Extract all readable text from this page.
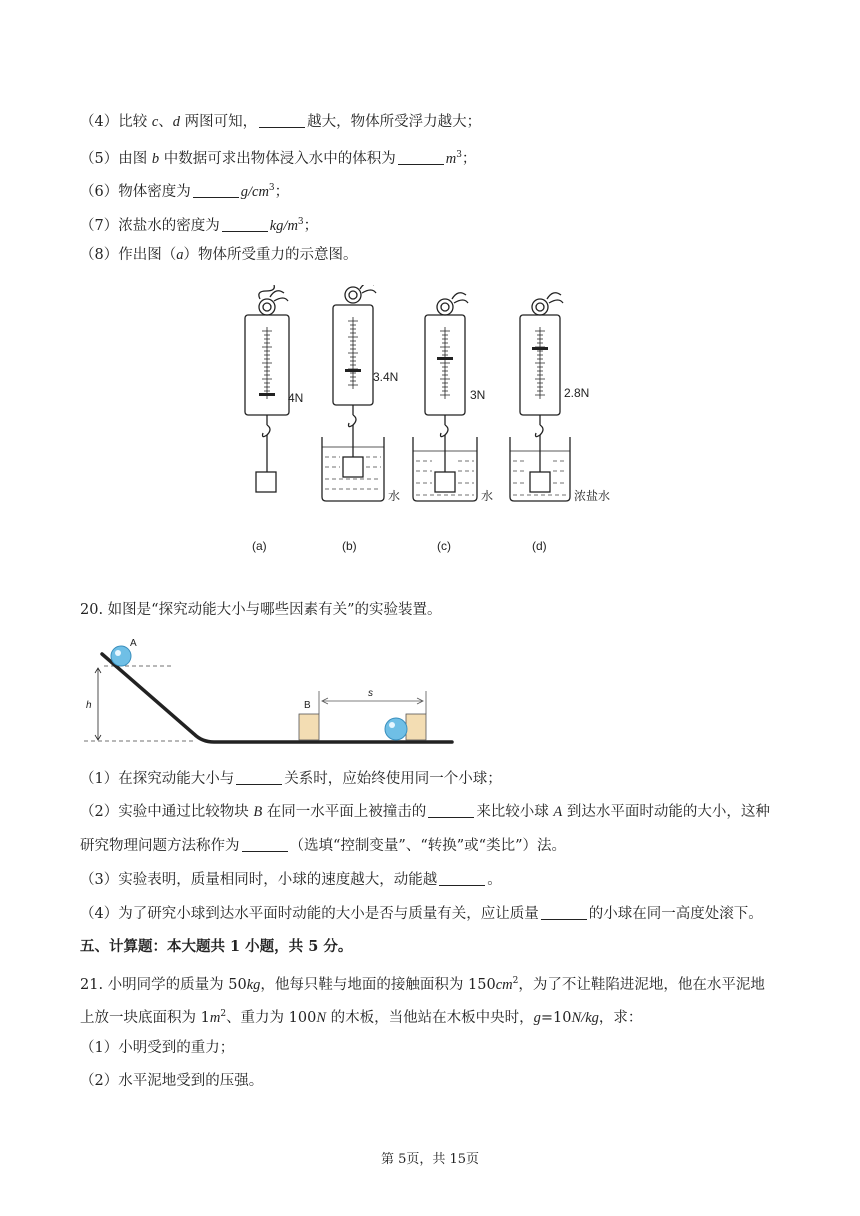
（4）比较 c、d 两图可知，	越大，物体所受浮力越大；
（5）由图 b 中数据可求出物体浸入水中的体积为	$m^3$；
（6）物体密度为	$g/cm^3$；
（7）浓盐水的密度为	$kg/m^3$；
（8）作出图（a）物体所受重力的示意图。
4N
3.4N
3N	2.8N
水	水	浓盐水
(a)	(b)	(c)	(d)
20. 如图是“探究动能大小与哪些因素有关”的实验装置。
A
h	B
s
（1）在探究动能大小与	关系时，应始终使用同一个小球；
（2）实验中通过比较物块 B 在同一水平面上被撞击的	来比较小球 A 到达水平面时动能的大小，这种
研究物理问题方法称作为	（选填“控制变量”、“转换”或“类比”）法。
（3）实验表明，质量相同时，小球的速度越大，动能越	。
（4）为了研究小球到达水平面时动能的大小是否与质量有关，应让质量	的小球在同一高度处滚下。
五、计算题：本大题共 1 小题，共 5 分。
21. 小明同学的质量为 50kg，他每只鞋与地面的接触面积为 $150cm^2$，为了不让鞋陷进泥地，他在水平泥地
上放一块底面积为 $1m^2$、重力为 100N 的木板，当他站在木板中央时，g=10N/kg，求：
（1）小明受到的重力；
（2）水平泥地受到的压强。
第 5页，共 15页
